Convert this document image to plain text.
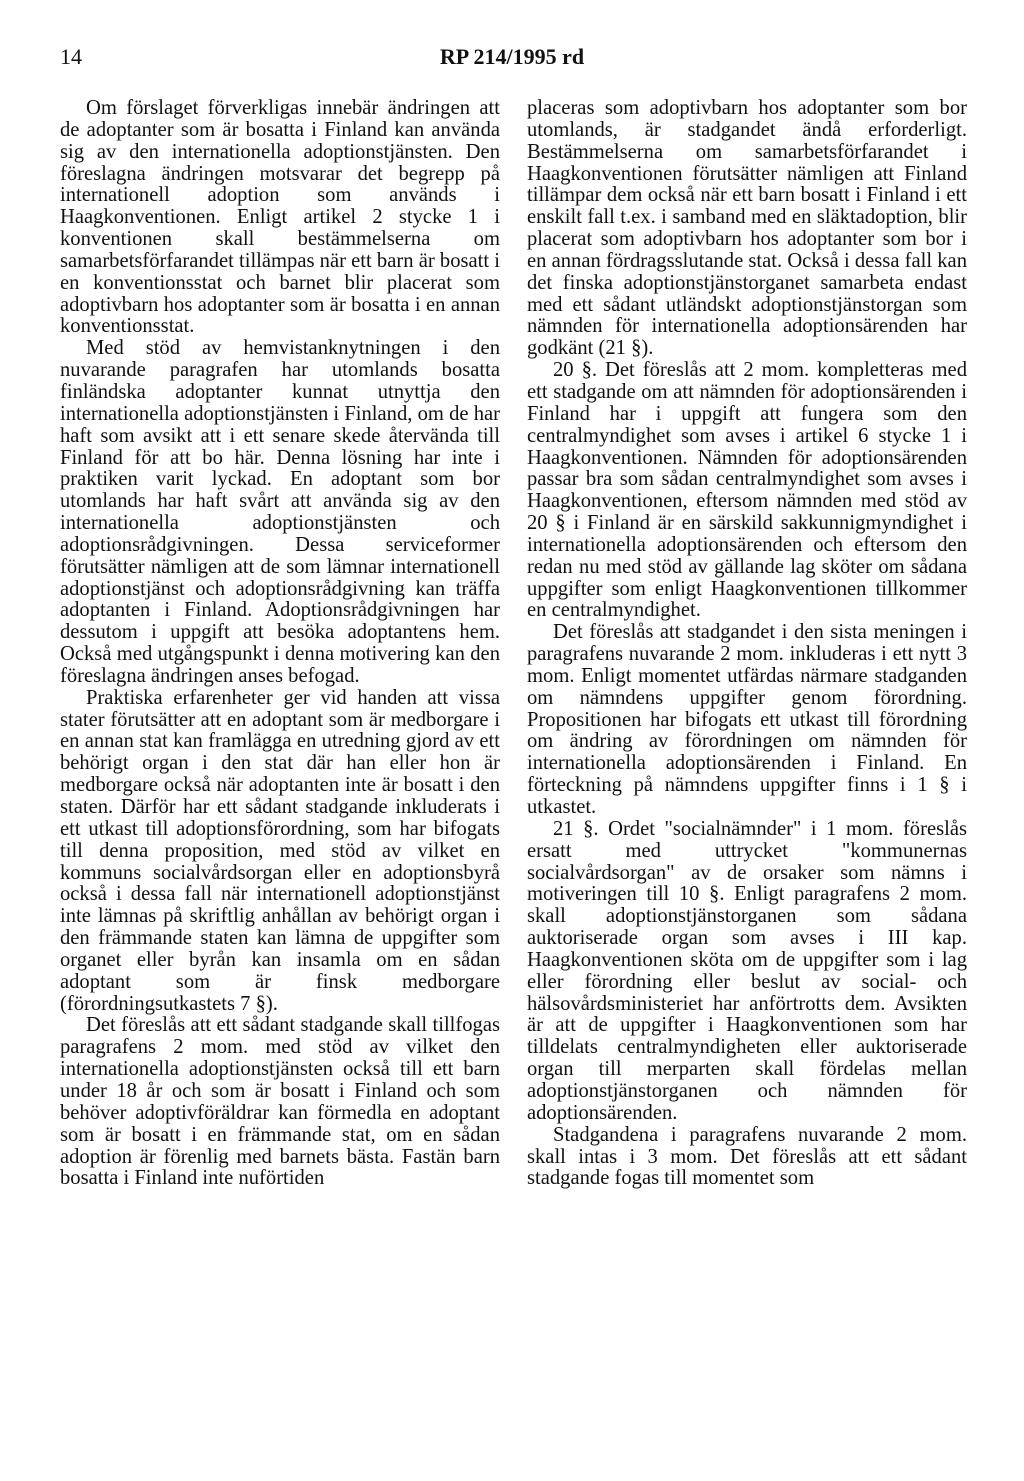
14	RP 214/1995 rd

Om förslaget förverkligas innebär ändringen att de adoptanter som är bosatta i Finland kan använda sig av den internationella adoptionstjänsten. Den föreslagna ändringen motsvarar det begrepp på internationell adoption som används i Haagkonventionen. Enligt artikel 2 stycke 1 i konventionen skall bestämmelserna om samarbetsförfarandet tillämpas när ett barn är bosatt i en konventionsstat och barnet blir placerat som adoptivbarn hos adoptanter som är bosatta i en annan konventionsstat.

Med stöd av hemvistanknytningen i den nuvarande paragrafen har utomlands bosatta finländska adoptanter kunnat utnyttja den internationella adoptionstjänsten i Finland, om de har haft som avsikt att i ett senare skede återvända till Finland för att bo här. Denna lösning har inte i praktiken varit lyckad. En adoptant som bor utomlands har haft svårt att använda sig av den internationella adoptionstjänsten och adoptionsrådgivningen. Dessa serviceformer förutsätter nämligen att de som lämnar internationell adoptionstjänst och adoptionsrådgivning kan träffa adoptanten i Finland. Adoptionsrådgivningen har dessutom i uppgift att besöka adoptantens hem. Också med utgångspunkt i denna motivering kan den föreslagna ändringen anses befogad.

Praktiska erfarenheter ger vid handen att vissa stater förutsätter att en adoptant som är medborgare i en annan stat kan framlägga en utredning gjord av ett behörigt organ i den stat där han eller hon är medborgare också när adoptanten inte är bosatt i den staten. Därför har ett sådant stadgande inkluderats i ett utkast till adoptionsförordning, som har bifogats till denna proposition, med stöd av vilket en kommuns socialvårdsorgan eller en adoptionsbyrå också i dessa fall när internationell adoptionstjänst inte lämnas på skriftlig anhållan av behörigt organ i den främmande staten kan lämna de uppgifter som organet eller byrån kan insamla om en sådan adoptant som är finsk medborgare (förordningsutkastets 7 §).

Det föreslås att ett sådant stadgande skall tillfogas paragrafens 2 mom. med stöd av vilket den internationella adoptionstjänsten också till ett barn under 18 år och som är bosatt i Finland och som behöver adoptivföräldrar kan förmedla en adoptant som är bosatt i en främmande stat, om en sådan adoption är förenlig med barnets bästa. Fastän barn bosatta i Finland inte nuförtiden

placeras som adoptivbarn hos adoptanter som bor utomlands, är stadgandet ändå erforderligt. Bestämmelserna om samarbetsförfarandet i Haagkonventionen förutsätter nämligen att Finland tillämpar dem också när ett barn bosatt i Finland i ett enskilt fall t.ex. i samband med en släktadoption, blir placerat som adoptivbarn hos adoptanter som bor i en annan fördragsslutande stat. Också i dessa fall kan det finska adoptionstjänstorganet samarbeta endast med ett sådant utländskt adoptionstjänstorgan som nämnden för internationella adoptionsärenden har godkänt (21 §).

20 §. Det föreslås att 2 mom. kompletteras med ett stadgande om att nämnden för adoptionsärenden i Finland har i uppgift att fungera som den centralmyndighet som avses i artikel 6 stycke 1 i Haagkonventionen. Nämnden för adoptionsärenden passar bra som sådan centralmyndighet som avses i Haagkonventionen, eftersom nämnden med stöd av 20 § i Finland är en särskild sakkunnigmyndighet i internationella adoptionsärenden och eftersom den redan nu med stöd av gällande lag sköter om sådana uppgifter som enligt Haagkonventionen tillkommer en centralmyndighet.

Det föreslås att stadgandet i den sista meningen i paragrafens nuvarande 2 mom. inkluderas i ett nytt 3 mom. Enligt momentet utfärdas närmare stadganden om nämndens uppgifter genom förordning. Propositionen har bifogats ett utkast till förordning om ändring av förordningen om nämnden för internationella adoptionsärenden i Finland. En förteckning på nämndens uppgifter finns i 1 § i utkastet.

21 §. Ordet "socialnämnder" i 1 mom. föreslås ersatt med uttrycket "kommunernas socialvårdsorgan" av de orsaker som nämns i motiveringen till 10 §. Enligt paragrafens 2 mom. skall adoptionstjänstorganen som sådana auktoriserade organ som avses i III kap. Haagkonventionen sköta om de uppgifter som i lag eller förordning eller beslut av social- och hälsovårdsministeriet har anförtrotts dem. Avsikten är att de uppgifter i Haagkonventionen som har tilldelats centralmyndigheten eller auktoriserade organ till merparten skall fördelas mellan adoptionstjänstorganen och nämnden för adoptionsärenden.

Stadgandena i paragrafens nuvarande 2 mom. skall intas i 3 mom. Det föreslås att ett sådant stadgande fogas till momentet som
